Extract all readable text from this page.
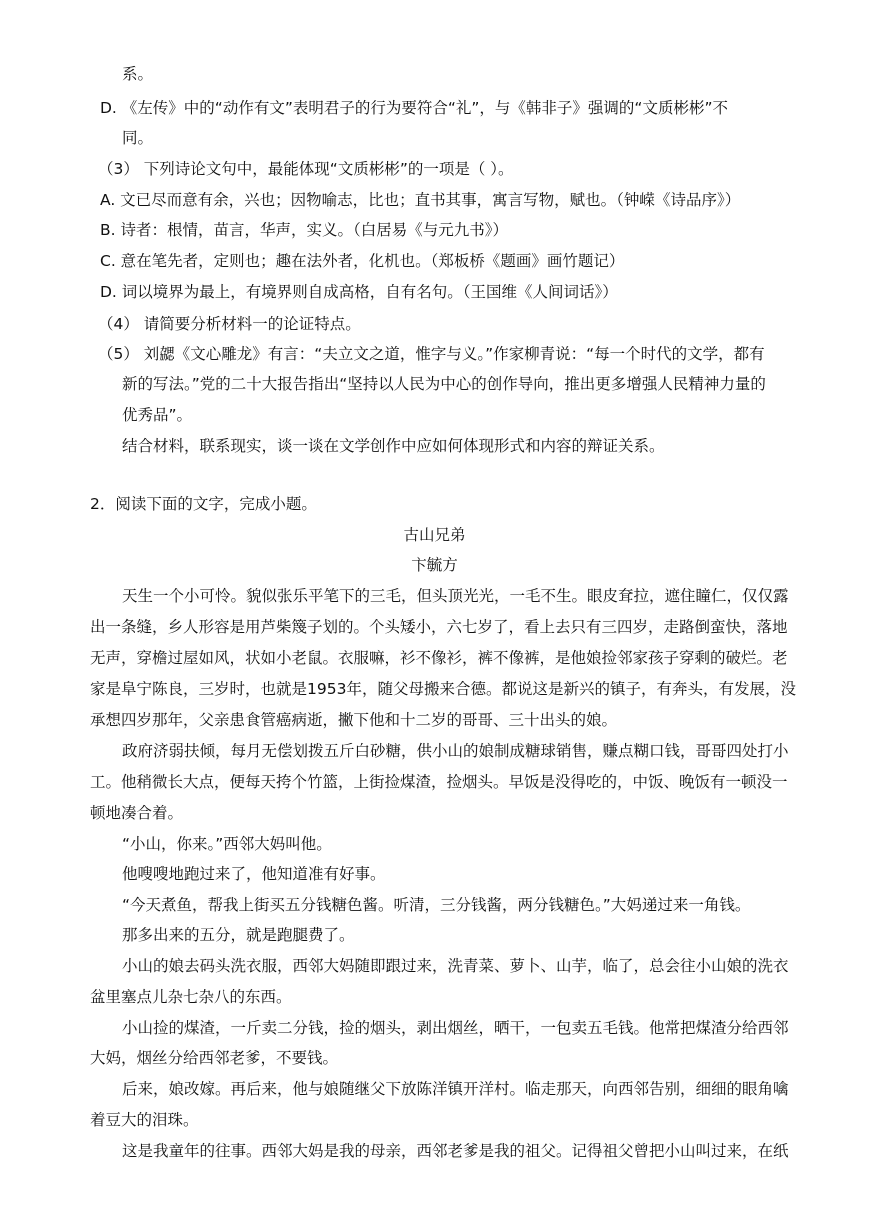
系。
D. 《左传》中的“动作有文”表明君子的行为要符合“礼”，与《韩非子》强调的“文质彬彬”不
同。
（3） 下列诗论文句中，最能体现“文质彬彬”的一项是（ ）。
A. 文已尽而意有余，兴也；因物喻志，比也；直书其事，寓言写物，赋也。（钟嵘《诗品序》）
B. 诗者：根情，苗言，华声，实义。（白居易《与元九书》）
C. 意在笔先者，定则也；趣在法外者，化机也。（郑板桥《题画》画竹题记）
D. 词以境界为最上，有境界则自成高格，自有名句。（王国维《人间词话》）
（4） 请简要分析材料一的论证特点。
（5） 刘勰《文心雕龙》有言：“夫立文之道，惟字与义。”作家柳青说：“每一个时代的文学，都有
新的写法。”党的二十大报告指出“坚持以人民为中心的创作导向，推出更多增强人民精神力量的
优秀品”。
结合材料，联系现实，谈一谈在文学创作中应如何体现形式和内容的辩证关系。
2．阅读下面的文字，完成小题。
古山兄弟
卞毓方
天生一个小可怜。貌似张乐平笔下的三毛，但头顶光光，一毛不生。眼皮耷拉，遮住瞳仁，仅仅露
出一条缝，乡人形容是用芦柴篾子划的。个头矮小，六七岁了，看上去只有三四岁，走路倒蛮快，落地
无声，穿檐过屋如风，状如小老鼠。衣服嘛，衫不像衫，裤不像裤，是他娘捡邻家孩子穿剩的破烂。老
家是阜宁陈良，三岁时，也就是1953年，随父母搬来合德。都说这是新兴的镇子，有奔头，有发展，没
承想四岁那年，父亲患食管癌病逝，撇下他和十二岁的哥哥、三十出头的娘。
政府济弱扶倾，每月无偿划拨五斤白砂糖，供小山的娘制成糖球销售，赚点糊口钱，哥哥四处打小
工。他稍微长大点，便每天挎个竹篮，上街捡煤渣，捡烟头。早饭是没得吃的，中饭、晚饭有一顿没一
顿地凑合着。
“小山，你来。”西邻大妈叫他。
他嗖嗖地跑过来了，他知道准有好事。
“今天煮鱼，帮我上街买五分钱糖色酱。听清，三分钱酱，两分钱糖色。”大妈递过来一角钱。
那多出来的五分，就是跑腿费了。
小山的娘去码头洗衣服，西邻大妈随即跟过来，洗青菜、萝卜、山芋，临了，总会往小山娘的洗衣
盆里塞点儿杂七杂八的东西。
小山捡的煤渣，一斤卖二分钱，捡的烟头，剥出烟丝，晒干，一包卖五毛钱。他常把煤渣分给西邻
大妈，烟丝分给西邻老爹，不要钱。
后来，娘改嫁。再后来，他与娘随继父下放陈洋镇开洋村。临走那天，向西邻告别，细细的眼角噙
着豆大的泪珠。
这是我童年的往事。西邻大妈是我的母亲，西邻老爹是我的祖父。记得祖父曾把小山叫过来，在纸
